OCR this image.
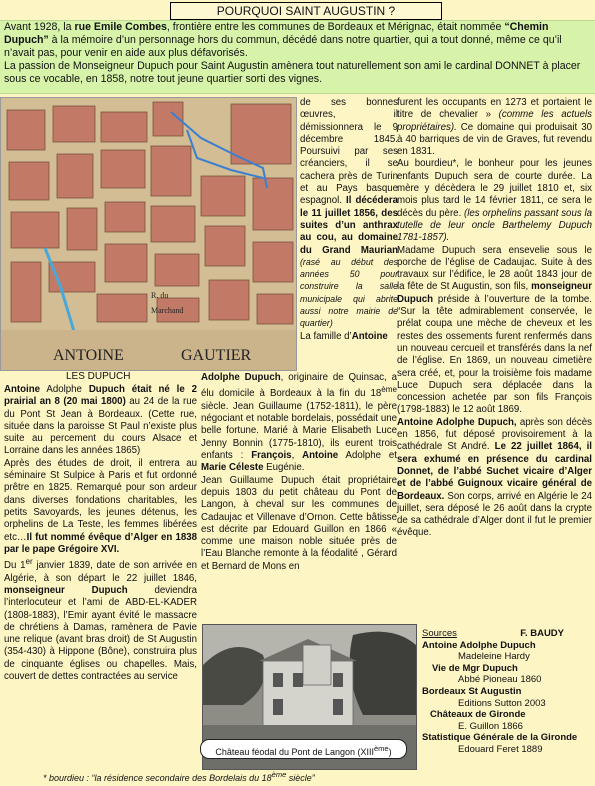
POURQUOI SAINT AUGUSTIN ?

Avant 1928, la rue Emile Combes, frontière entre les communes de Bordeaux et Mérignac, était nommée “Chemin Dupuch” à la mémoire d’un personnage hors du commun, décédé dans notre quartier, qui a tout donné, même ce qu’il n’avait pas, pour venir en aide aux plus défavorisés.

La passion de Monseigneur Dupuch pour Saint Augustin amènera tout naturellement son ami le cardinal DONNET à placer sous ce vocable, en 1858, notre tout jeune quartier sorti des vignes.

ANTOINE	GAUTIER
R. du
Marchand

de ses bonnes œuvres, il démissionnera le 9 décembre 1845. Poursuivi par ses créanciers, il se cachera près de Turin et au Pays basque espagnol. Il décédera le 11 juillet 1856, des suites d’un anthrax au cou, au domaine du Grand Maurian (rasé au début des années 50 pour construire la salle municipale qui abrite aussi notre mairie de quartier)

La famille d’Antoine

LES DUPUCH

Antoine Adolphe Dupuch était né le 2 prairial an 8 (20 mai 1800) au 24 de la rue du Pont St Jean à Bordeaux. (Cette rue, située dans la paroisse St Paul n’existe plus suite au percement du cours Alsace et Lorraine dans les années 1865)

Après des études de droit, il entrera au séminaire St Sulpice à Paris et fut ordonné prêtre en 1825. Remarqué pour son ardeur dans diverses fondations charitables, les petits Savoyards, les jeunes détenus, les orphelins de La Teste, les femmes libérées etc…Il fut nommé évêque d’Alger en 1838 par le pape Grégoire XVI.

Du 1er janvier 1839, date de son arrivée en Algérie, à son départ le 22 juillet 1846, monseigneur Dupuch deviendra l’interlocuteur et l’ami de ABD-EL-KADER (1808-1883), l’Emir ayant évité le massacre de chrétiens à Damas, ramènera de Pavie une relique (avant bras droit) de St Augustin (354-430) à Hippone (Bône), construira plus de cinquante églises ou chapelles. Mais, couvert de dettes contractées au service

Adolphe Dupuch, originaire de Quinsac, a élu domicile à Bordeaux à la fin du 18ème siècle. Jean Guillaume (1752-1811), le père négociant et notable bordelais, possédait une belle fortune. Marié à Marie Elisabeth Luce Jenny Bonnin (1775-1810), ils eurent trois enfants : François, Antoine Adolphe et Marie Céleste Eugénie.

Jean Guillaume Dupuch était propriétaire depuis 1803 du petit château du Pont de Langon, à cheval sur les communes de Cadaujac et Villenave d’Ornon. Cette bâtisse est décrite par Edouard Guillon en 1866 « comme une maison noble située près de l’Eau Blanche remonte à la féodalité , Gérard et Bernard de Mons en

furent les occupants en 1273 et portaient le titre de chevalier » (comme les actuels propriétaires). Ce domaine qui produisait 30 à 40 barriques de vin de Graves, fut revendu en 1831.

Au bourdieu*, le bonheur pour les jeunes enfants Dupuch sera de courte durée. La mère y décèdera le 29 juillet 1810 et, six mois plus tard le 14 février 1811, ce sera le décès du père. (les orphelins passant sous la tutelle de leur oncle Barthelemy Dupuch 1781-1857).

Madame Dupuch sera ensevelie sous le porche de l’église de Cadaujac. Suite à des travaux sur l’édifice, le 28 août 1843 jour de la fête de St Augustin, son fils, monseigneur Dupuch préside à l’ouverture de la tombe. “Sur la tête admirablement conservée, le prélat coupa une mèche de cheveux et les restes des ossements furent renfermés dans un nouveau cercueil et transférés dans la nef de l’église. En 1869, un nouveau cimetière sera créé, et, pour la troisième fois madame Luce Dupuch sera déplacée dans la concession achetée par son fils François (1798-1883) le 12 août 1869.

Antoine Adolphe Dupuch, après son décès en 1856, fut déposé provisoirement à la cathédrale St André. Le 22 juillet 1864, il sera exhumé en présence du cardinal Donnet, de l’abbé Suchet vicaire d’Alger et de l’abbé Guignoux vicaire général de Bordeaux. Son corps, arrivé en Algérie le 24 juillet, sera déposé le 26 août dans la crypte de sa cathédrale d’Alger dont il fut le premier évêque.

Château féodal du Pont de Langon (XIIIème)
Sources	F. BAUDY
Antoine Adolphe Dupuch
Madeleine Hardy
Vie de Mgr Dupuch
Abbé Pioneau 1860
Bordeaux St Augustin
Editions Sutton 2003
Châteaux de Gironde
E. Guillon 1866
Statistique Générale de la Gironde
Edouard Feret 1889
* bourdieu : “la résidence secondaire des Bordelais du 18ème siècle”
